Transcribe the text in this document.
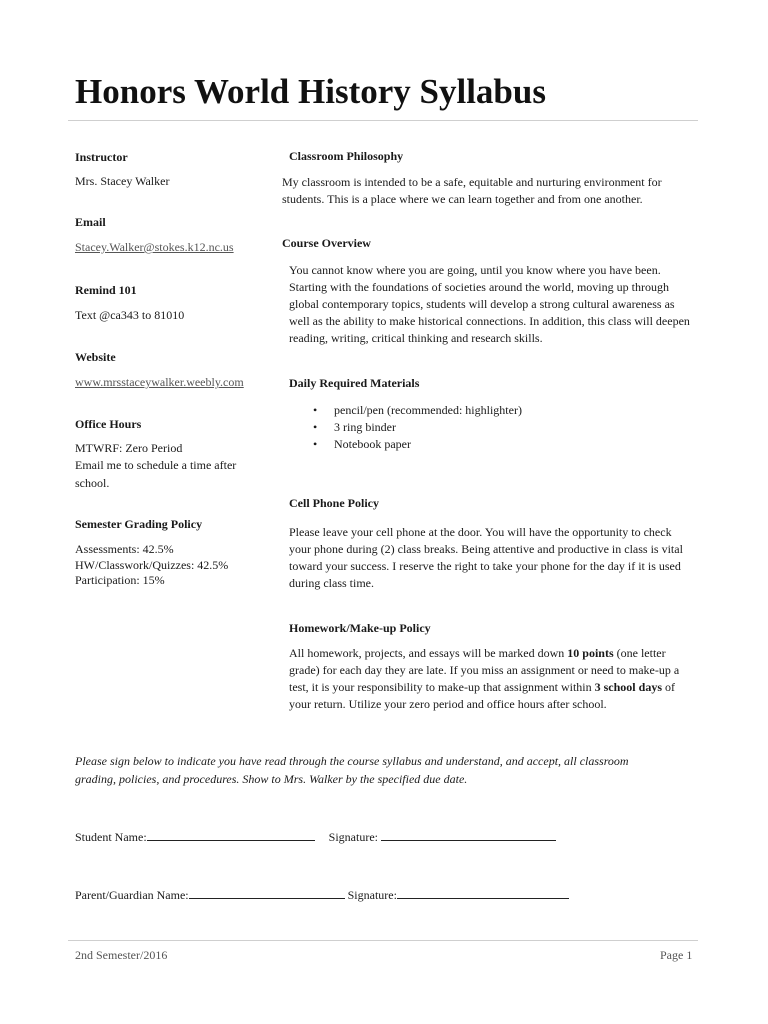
Honors World History Syllabus
Instructor
Mrs. Stacey Walker
Email
Stacey.Walker@stokes.k12.nc.us
Remind 101
Text @ca343 to 81010
Website
www.mrsstaceywalker.weebly.com
Office Hours
MTWRF: Zero Period
Email me to schedule a time after
school.
Semester Grading Policy
Assessments: 42.5%
HW/Classwork/Quizzes: 42.5%
Participation: 15%
Classroom Philosophy

My classroom is intended to be a safe, equitable and nurturing environment for students. This is a place where we can learn together and from one another.

Course Overview

You cannot know where you are going, until you know where you have been. Starting with the foundations of societies around the world, moving up through global contemporary topics, students will develop a strong cultural awareness as well as the ability to make historical connections. In addition, this class will deepen reading, writing, critical thinking and research skills.

Daily Required Materials
• pencil/pen (recommended: highlighter)
• 3 ring binder
• Notebook paper
Cell Phone Policy

Please leave your cell phone at the door. You will have the opportunity to check your phone during (2) class breaks. Being attentive and productive in class is vital toward your success. I reserve the right to take your phone for the day if it is used during class time.

Homework/Make-up Policy

All homework, projects, and essays will be marked down 10 points (one letter grade) for each day they are late. If you miss an assignment or need to make-up a test, it is your responsibility to make-up that assignment within 3 school days of your return. Utilize your zero period and office hours after school.

Please sign below to indicate you have read through the course syllabus and understand, and accept, all classroom grading, policies, and procedures. Show to Mrs. Walker by the specified due date.
Student Name:	Signature:
Parent/Guardian Name:	Signature:
2nd Semester/2016	Page 1
